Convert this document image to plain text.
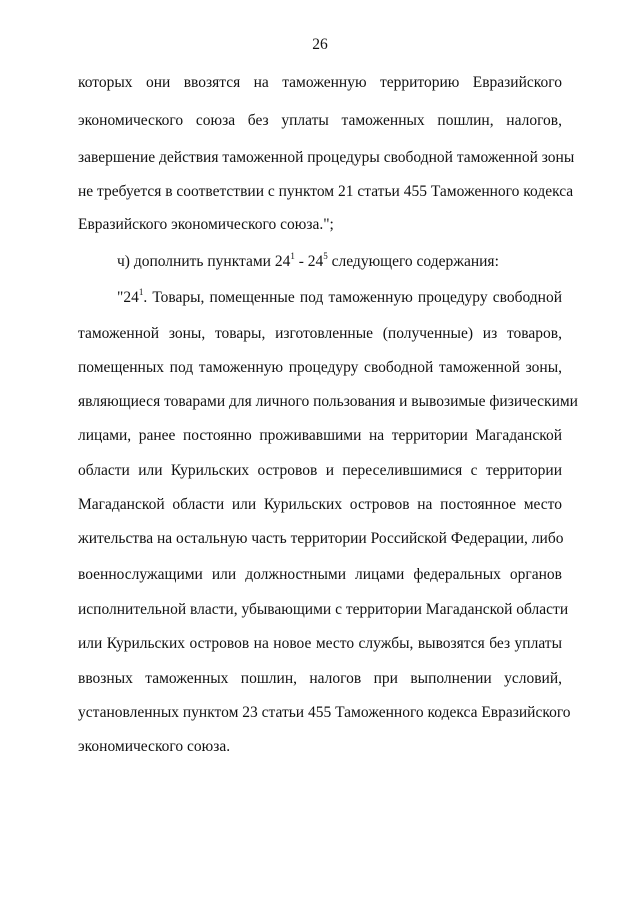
26
которых они ввозятся на таможенную территорию Евразийского
экономического союза без уплаты таможенных пошлин, налогов,
завершение действия таможенной процедуры свободной таможенной зоны
не требуется в соответствии с пунктом 21 статьи 455 Таможенного кодекса
Евразийского экономического союза.";
ч) дополнить пунктами $24^1 - 24^5$ следующего содержания:
"$24^1$. Товары, помещенные под таможенную процедуру свободной
таможенной зоны, товары, изготовленные (полученные) из товаров,
помещенных под таможенную процедуру свободной таможенной зоны,
являющиеся товарами для личного пользования и вывозимые физическими
лицами, ранее постоянно проживавшими на территории Магаданской
области или Курильских островов и переселившимися с территории
Магаданской области или Курильских островов на постоянное место
жительства на остальную часть территории Российской Федерации, либо
военнослужащими или должностными лицами федеральных органов
исполнительной власти, убывающими с территории Магаданской области
или Курильских островов на новое место службы, вывозятся без уплаты
ввозных таможенных пошлин, налогов при выполнении условий,
установленных пунктом 23 статьи 455 Таможенного кодекса Евразийского
экономического союза.
